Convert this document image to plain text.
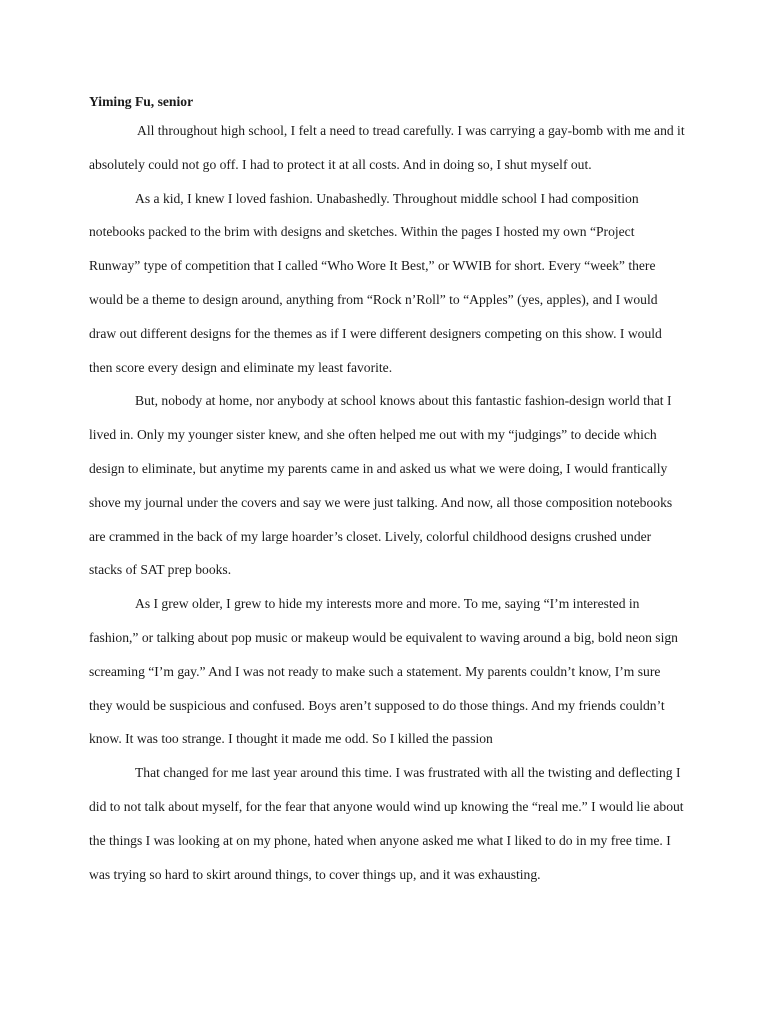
Yiming Fu, senior

All throughout high school, I felt a need to tread carefully. I was carrying a gay-bomb with me and it absolutely could not go off. I had to protect it at all costs. And in doing so, I shut myself out.

As a kid, I knew I loved fashion. Unabashedly. Throughout middle school I had composition notebooks packed to the brim with designs and sketches. Within the pages I hosted my own “Project Runway” type of competition that I called “Who Wore It Best,” or WWIB for short. Every “week” there would be a theme to design around, anything from “Rock n’Roll” to “Apples” (yes, apples), and I would draw out different designs for the themes as if I were different designers competing on this show. I would then score every design and eliminate my least favorite.

But, nobody at home, nor anybody at school knows about this fantastic fashion-design world that I lived in. Only my younger sister knew, and she often helped me out with my “judgings” to decide which design to eliminate, but anytime my parents came in and asked us what we were doing, I would frantically shove my journal under the covers and say we were just talking. And now, all those composition notebooks are crammed in the back of my large hoarder’s closet. Lively, colorful childhood designs crushed under stacks of SAT prep books.

As I grew older, I grew to hide my interests more and more. To me, saying “I’m interested in fashion,” or talking about pop music or makeup would be equivalent to waving around a big, bold neon sign screaming “I’m gay.” And I was not ready to make such a statement. My parents couldn’t know, I’m sure they would be suspicious and confused. Boys aren’t supposed to do those things. And my friends couldn’t know. It was too strange. I thought it made me odd. So I killed the passion

That changed for me last year around this time. I was frustrated with all the twisting and deflecting I did to not talk about myself, for the fear that anyone would wind up knowing the “real me.” I would lie about the things I was looking at on my phone, hated when anyone asked me what I liked to do in my free time. I was trying so hard to skirt around things, to cover things up, and it was exhausting.
